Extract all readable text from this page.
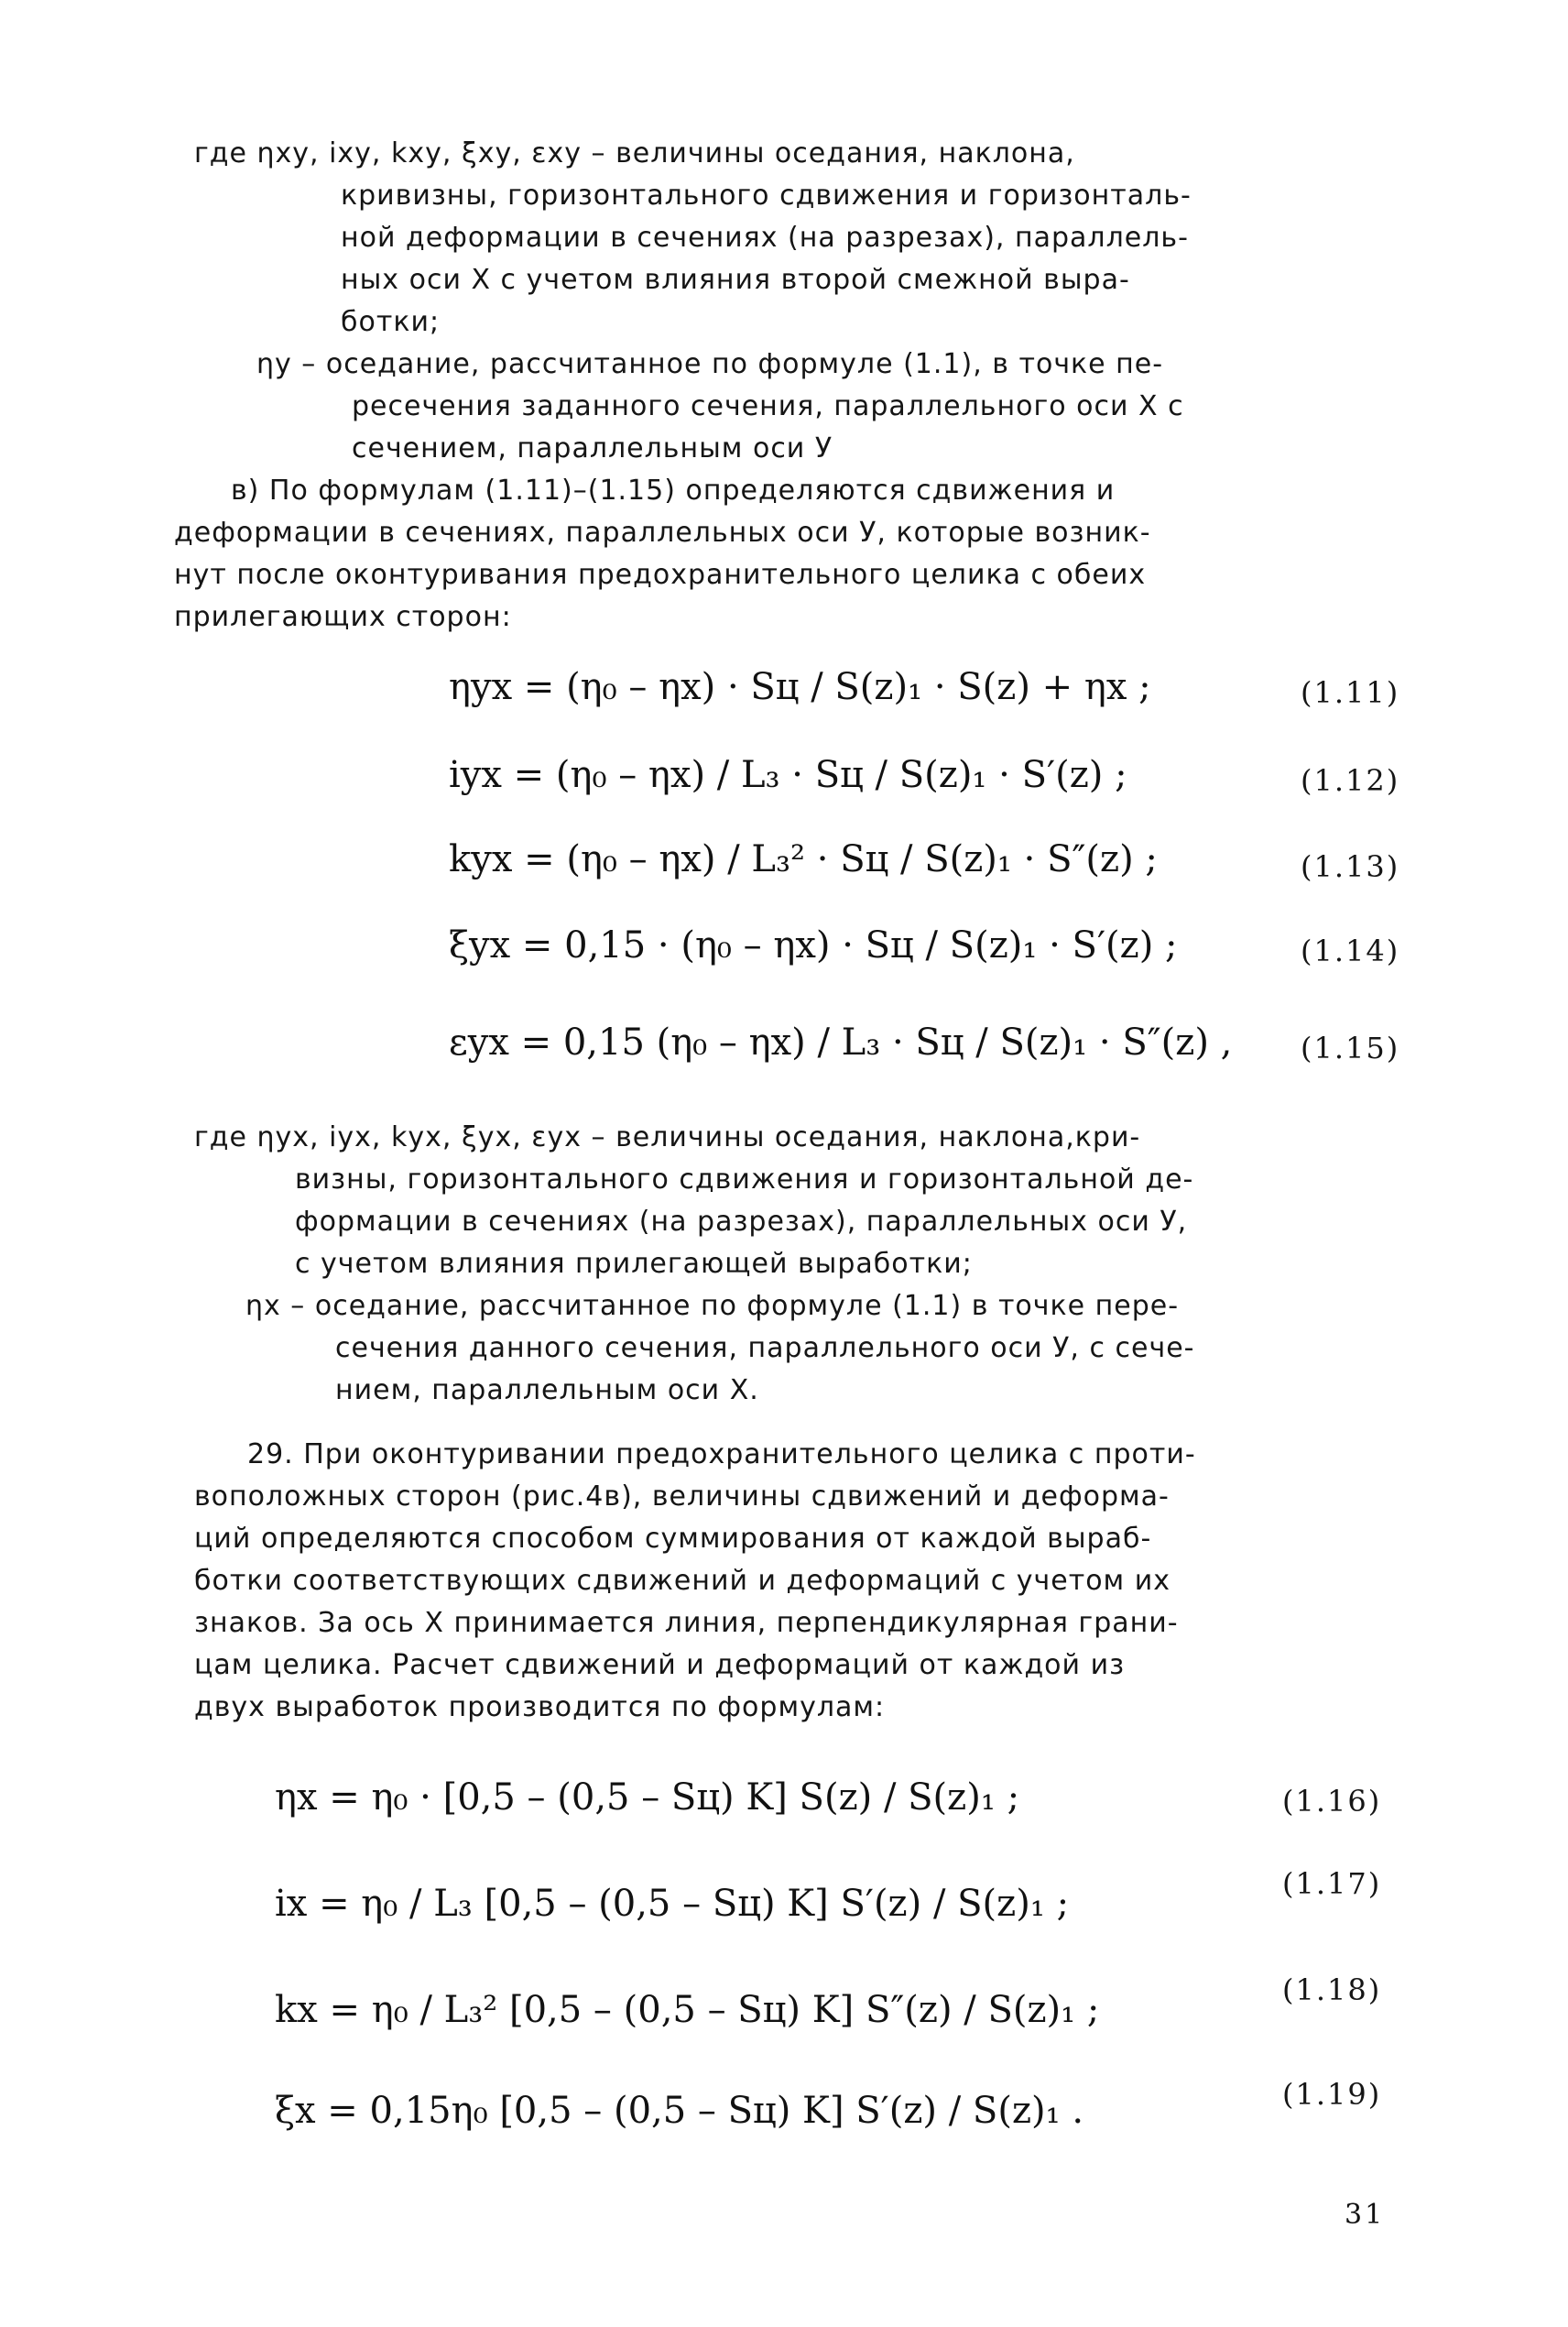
где ηxy, ixy, kxy, ξxy, εxy – величины оседания, наклона,
кривизны, горизонтального сдвижения и горизонталь-
ной деформации в сечениях (на разрезах), параллель-
ных оси Х с учетом влияния второй смежной выра-
ботки;
ηу – оседание, рассчитанное по формуле (1.1), в точке пе-
ресечения заданного сечения, параллельного оси Х с
сечением, параллельным оси У
в) По формулам (1.11)–(1.15) определяются сдвижения и
деформации в сечениях, параллельных оси У, которые возник-
нут после оконтуривания предохранительного целика с обеих
прилегающих сторон:
ηyx = (η₀ – ηx) · Sц / S(z)₁ · S(z) + ηx ;	(1.11)
iyx = (η₀ – ηx) / L₃ · Sц / S(z)₁ · S′(z) ;	(1.12)
kyx = (η₀ – ηx) / L₃² · Sц / S(z)₁ · S″(z) ;	(1.13)
ξyx = 0,15 · (η₀ – ηx) · Sц / S(z)₁ · S′(z) ;	(1.14)
εyx = 0,15 (η₀ – ηx) / L₃ · Sц / S(z)₁ · S″(z) , (1.15)
где ηух, iух, kух, ξух, εух – величины оседания, наклона,кри-
визны, горизонтального сдвижения и горизонтальной де-
формации в сечениях (на разрезах), параллельных оси У,
с учетом влияния прилегающей выработки;
ηх – оседание, рассчитанное по формуле (1.1) в точке пере-
сечения данного сечения, параллельного оси У, с сече-
нием, параллельным оси Х.
29. При оконтуривании предохранительного целика с проти-
воположных сторон (рис.4в), величины сдвижений и деформа-
ций определяются способом суммирования от каждой выраб-
ботки соответствующих сдвижений и деформаций с учетом их
знаков. За ось Х принимается линия, перпендикулярная грани-
цам целика. Расчет сдвижений и деформаций от каждой из
двух выработок производится по формулам:
ηx = η₀ · [0,5 – (0,5 – Sц) K] S(z) / S(z)₁ ;	(1.16)
ix = η₀ / L₃ [0,5 – (0,5 – Sц) K] S′(z) / S(z)₁ ;	(1.17)
kx = η₀ / L₃² [0,5 – (0,5 – Sц) K] S″(z) / S(z)₁ ;	(1.18)
ξx = 0,15η₀ [0,5 – (0,5 – Sц) K] S′(z) / S(z)₁ .	(1.19)
31
